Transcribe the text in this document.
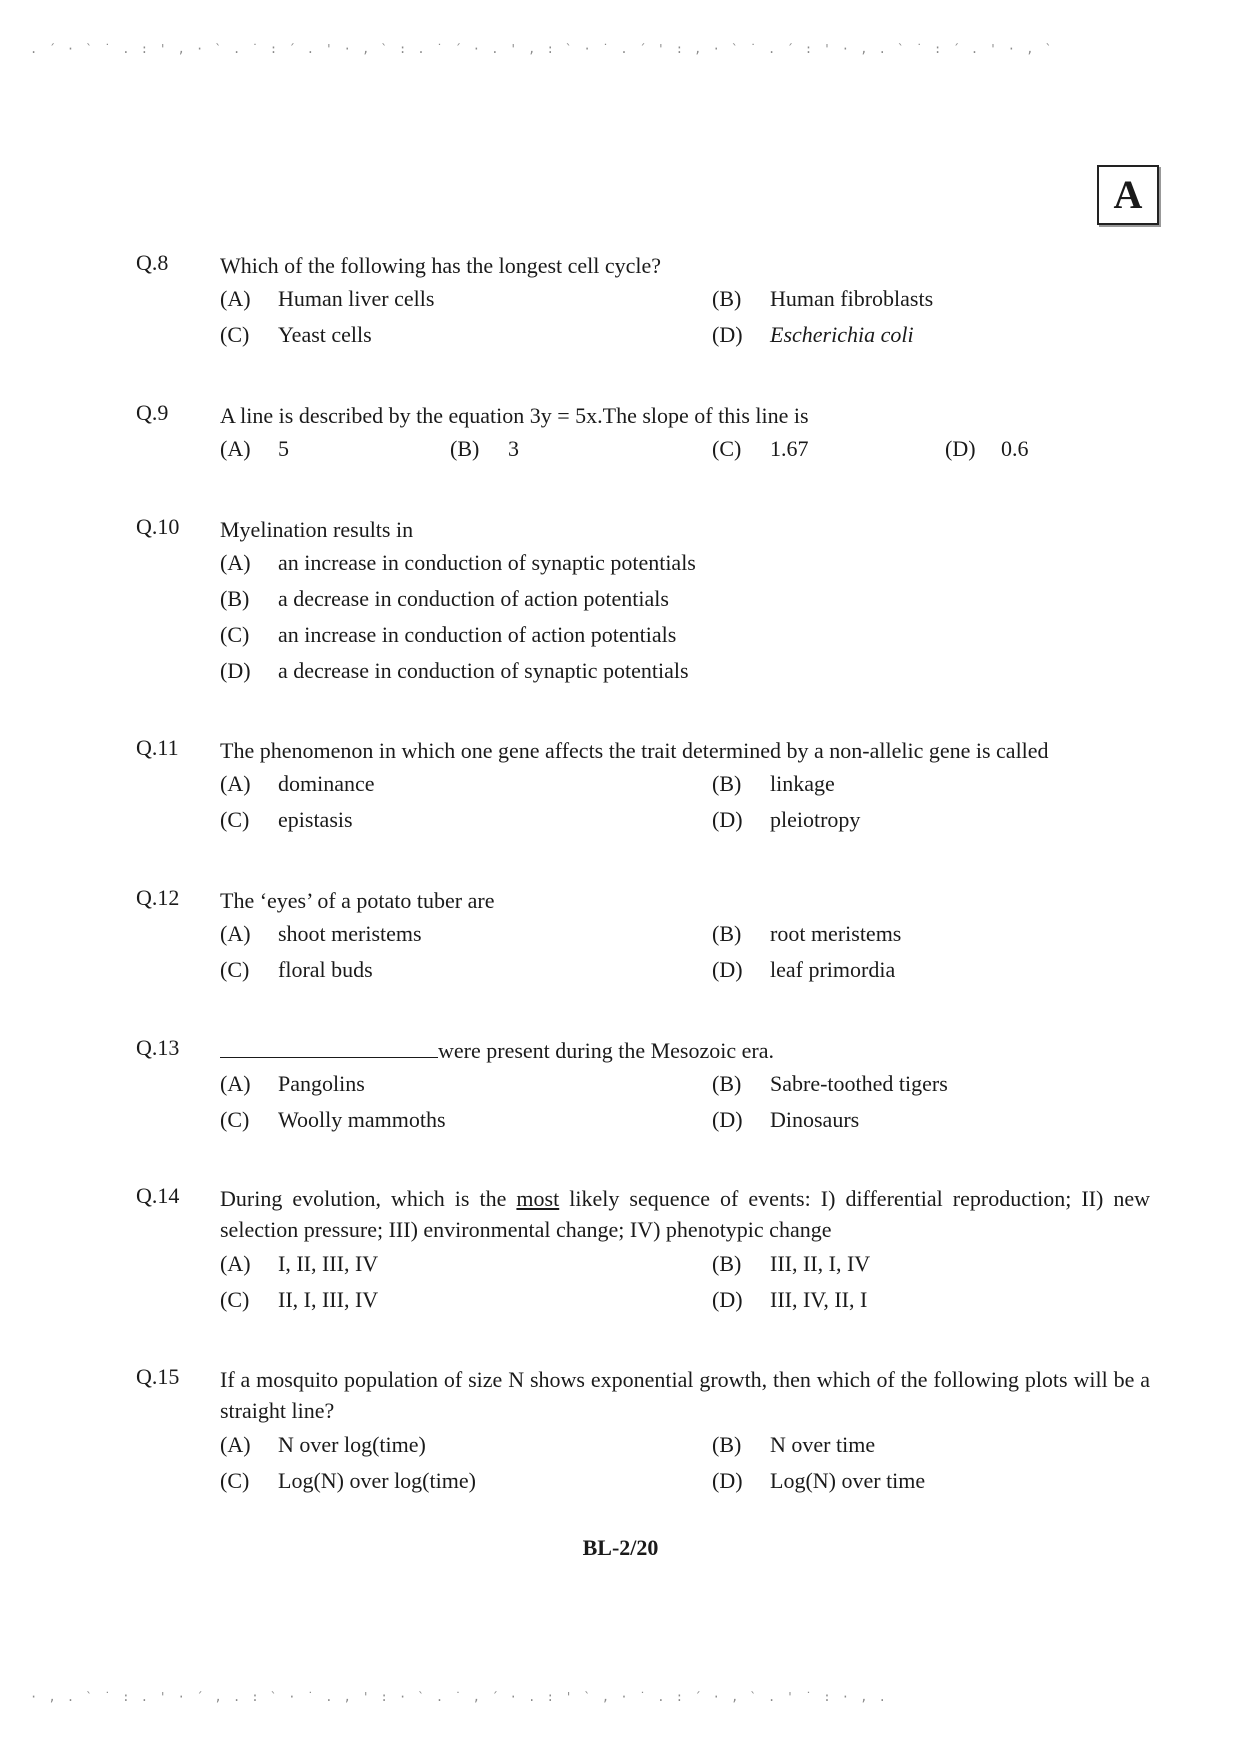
. ´ · ` ˙ . : ' , · ` . ˙ : ´ . ' · , ` : . ˙ ´ · . ' , : ` · ˙ . ´ ' : , · ` ˙ . ´ : ' · , . ` ˙ : ´ . ' · , `
A
Q.8 Which of the following has the longest cell cycle?
(A) Human liver cells	(B) Human fibroblasts
(C) Yeast cells	(D) Escherichia coli
Q.9 A line is described by the equation 3y = 5x.The slope of this line is
(A) 5	(B) 3	(C) 1.67	(D) 0.6
Q.10 Myelination results in
(A) an increase in conduction of synaptic potentials
(B) a decrease in conduction of action potentials
(C) an increase in conduction of action potentials
(D) a decrease in conduction of synaptic potentials
Q.11 The phenomenon in which one gene affects the trait determined by a non-allelic gene is called
(A) dominance	(B) linkage
(C) epistasis	(D) pleiotropy
Q.12 The ‘eyes’ of a potato tuber are
(A) shoot meristems	(B) root meristems
(C) floral buds	(D) leaf primordia
Q.13	were present during the Mesozoic era.
(A) Pangolins	(B) Sabre-toothed tigers
(C) Woolly mammoths	(D) Dinosaurs
Q.14 During evolution, which is the most likely sequence of events: I) differential reproduction; II) new selection pressure; III) environmental change; IV) phenotypic change
(A) I, II, III, IV	(B) III, II, I, IV
(C) II, I, III, IV	(D) III, IV, II, I
Q.15 If a mosquito population of size N shows exponential growth, then which of the following plots will be a straight line?
(A) N over log(time)	(B) N over time
(C) Log(N) over log(time)	(D) Log(N) over time
BL-2/20
· , . ` ˙ : . ' · ´ , . : ` · ˙ . , ' : · ` . ˙ , ´ · . : ' ` , · ˙ . : ´ · , ` . ' ˙ : · , .
